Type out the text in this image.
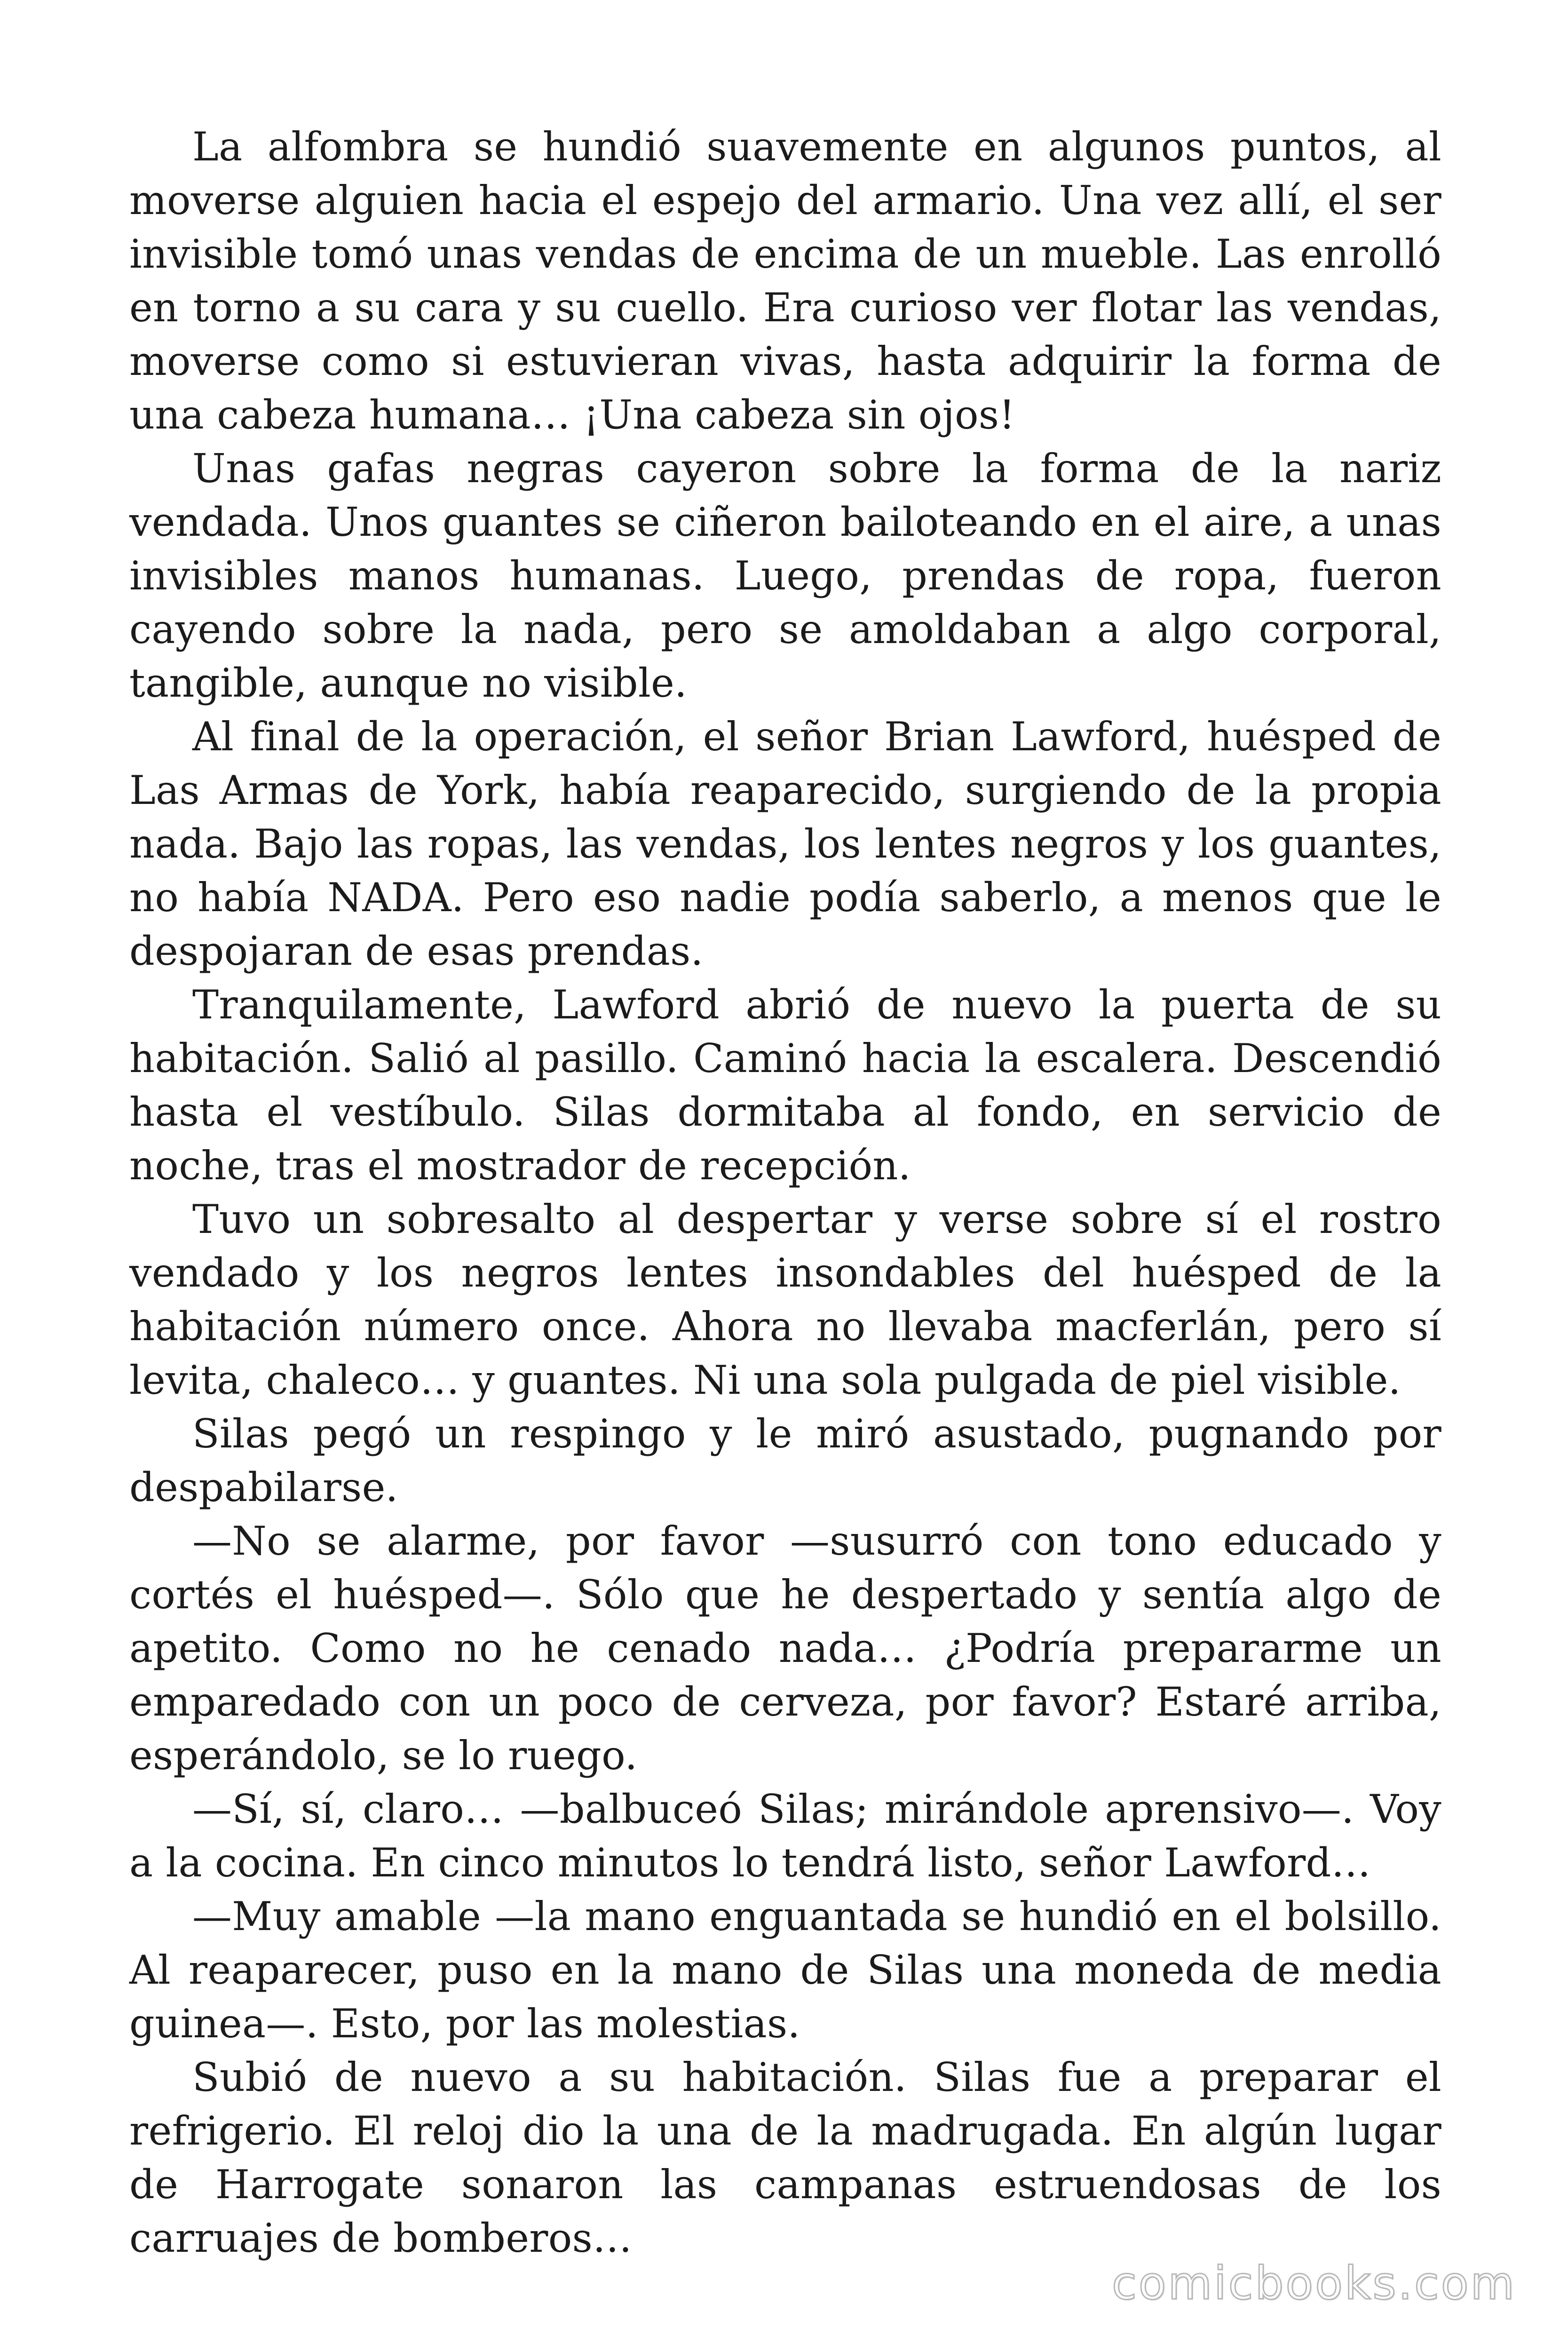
La alfombra se hundió suavemente en algunos puntos, al moverse alguien hacia el espejo del armario. Una vez allí, el ser invisible tomó unas vendas de encima de un mueble. Las enrolló en torno a su cara y su cuello. Era curioso ver flotar las vendas, moverse como si estuvieran vivas, hasta adquirir la forma de una cabeza humana… ¡Una cabeza sin ojos!

Unas gafas negras cayeron sobre la forma de la nariz vendada. Unos guantes se ciñeron bailoteando en el aire, a unas invisibles manos humanas. Luego, prendas de ropa, fueron cayendo sobre la nada, pero se amoldaban a algo corporal, tangible, aunque no visible.

Al final de la operación, el señor Brian Lawford, huésped de Las Armas de York, había reaparecido, surgiendo de la propia nada. Bajo las ropas, las vendas, los lentes negros y los guantes, no había NADA. Pero eso nadie podía saberlo, a menos que le despojaran de esas prendas.

Tranquilamente, Lawford abrió de nuevo la puerta de su habitación. Salió al pasillo. Caminó hacia la escalera. Descendió hasta el vestíbulo. Silas dormitaba al fondo, en servicio de noche, tras el mostrador de recepción.

Tuvo un sobresalto al despertar y verse sobre sí el rostro vendado y los negros lentes insondables del huésped de la habitación número once. Ahora no llevaba macferlán, pero sí levita, chaleco… y guantes. Ni una sola pulgada de piel visible.

Silas pegó un respingo y le miró asustado, pugnando por despabilarse.

—No se alarme, por favor —susurró con tono educado y cortés el huésped—. Sólo que he despertado y sentía algo de apetito. Como no he cenado nada… ¿Podría prepararme un emparedado con un poco de cerveza, por favor? Estaré arriba, esperándolo, se lo ruego.

—Sí, sí, claro… —balbuceó Silas; mirándole aprensivo—. Voy a la cocina. En cinco minutos lo tendrá listo, señor Lawford…

—Muy amable —la mano enguantada se hundió en el bolsillo. Al reaparecer, puso en la mano de Silas una moneda de media guinea—. Esto, por las molestias.

Subió de nuevo a su habitación. Silas fue a preparar el refrigerio. El reloj dio la una de la madrugada. En algún lugar de Harrogate sonaron las campanas estruendosas de los carruajes de bomberos…

comicbooks.com
